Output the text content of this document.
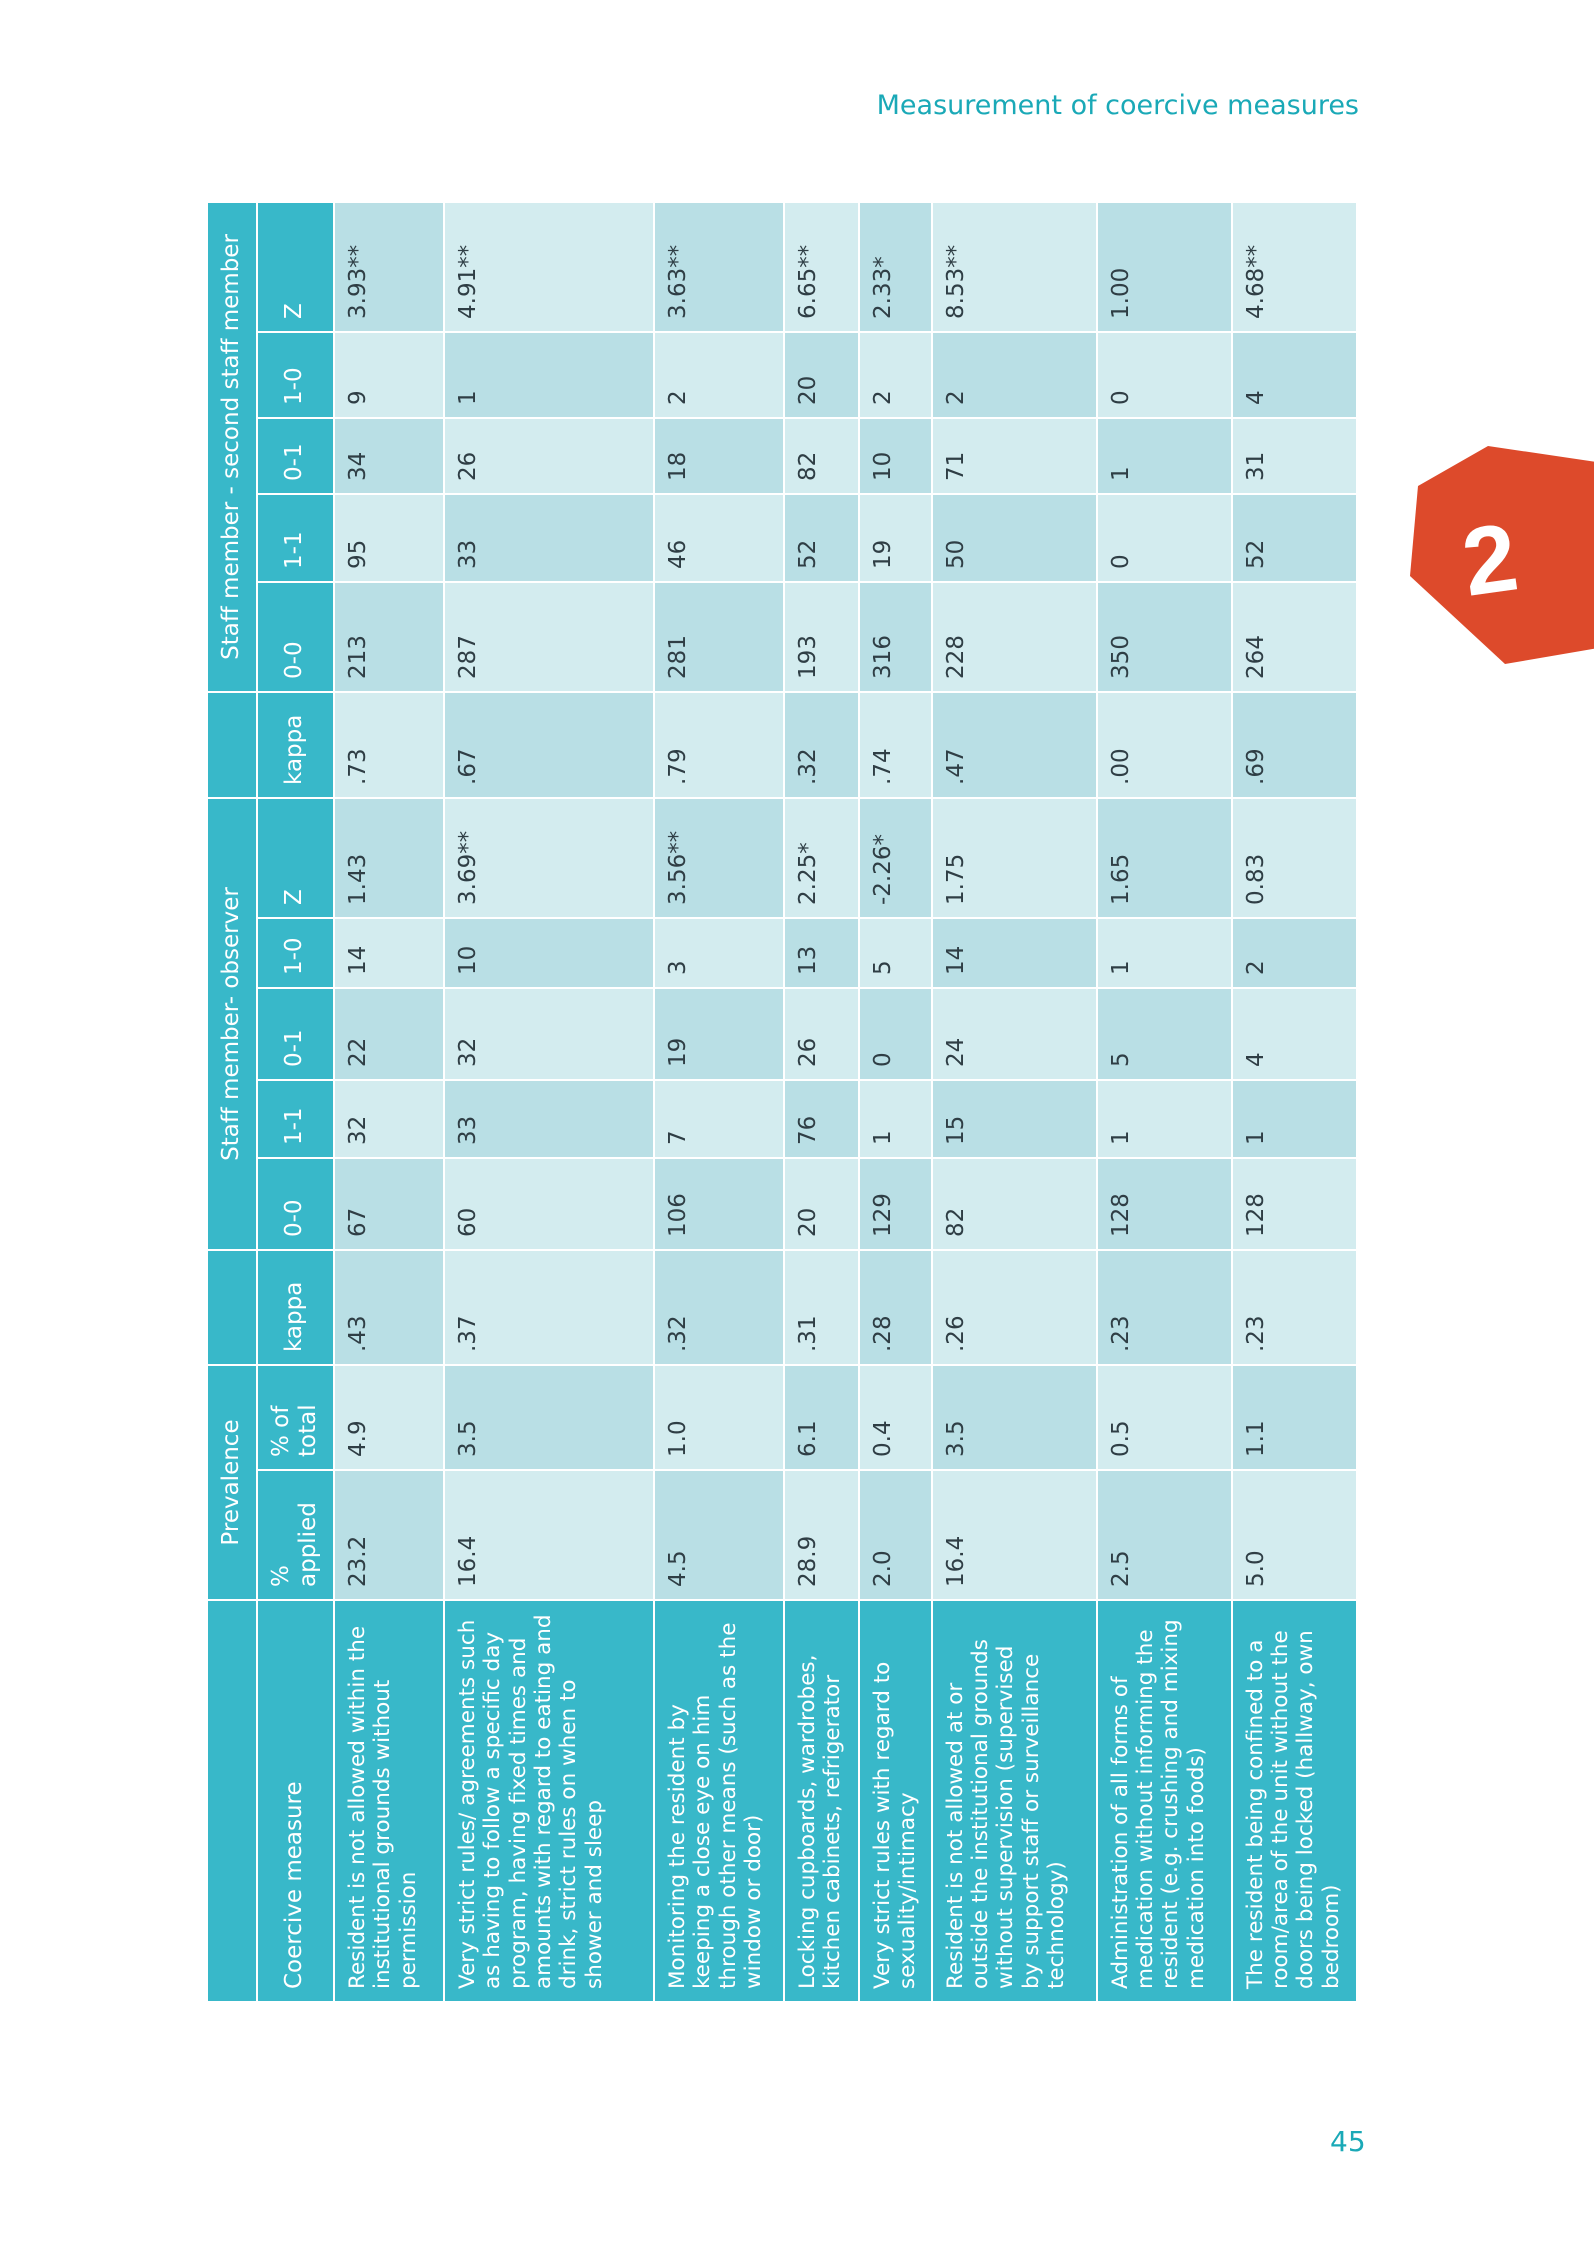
Measurement of coercive measures
2
	Prevalence			Staff member- observer						Staff member - second staff member				
Coercive measure	% applied	% of total	kappa	0-0	1-1	0-1	1-0	Z	kappa	0-0	1-1	0-1	1-0	Z
Resident is not allowed within the institutional grounds without permission	23.2	4.9	.43	67	32	22	14	1.43	.73	213	95	34	9	3.93**
Very strict rules/ agreements such as having to follow a specific day program, having fixed times and amounts with regard to eating and drink, strict rules on when to shower and sleep	16.4	3.5	.37	60	33	32	10	3.69**	.67	287	33	26	1	4.91**
Monitoring the resident by keeping a close eye on him through other means (such as the window or door)	4.5	1.0	.32	106	7	19	3	3.56**	.79	281	46	18	2	3.63**
Locking cupboards, wardrobes, kitchen cabinets, refrigerator	28.9	6.1	.31	20	76	26	13	2.25*	.32	193	52	82	20	6.65**
Very strict rules with regard to sexuality/intimacy	2.0	0.4	.28	129	1	0	5	-2.26*	.74	316	19	10	2	2.33*
Resident is not allowed at or outside the institutional grounds without supervision (supervised by support staff or surveillance technology)	16.4	3.5	.26	82	15	24	14	1.75	.47	228	50	71	2	8.53**
Administration of all forms of medication without informing the resident (e.g. crushing and mixing medication into foods)	2.5	0.5	.23	128	1	5	1	1.65	.00	350	0	1	0	1.00
The resident being confined to a room/area of the unit without the doors being locked (hallway, own bedroom)	5.0	1.1	.23	128	1	4	2	0.83	.69	264	52	31	4	4.68**
45
